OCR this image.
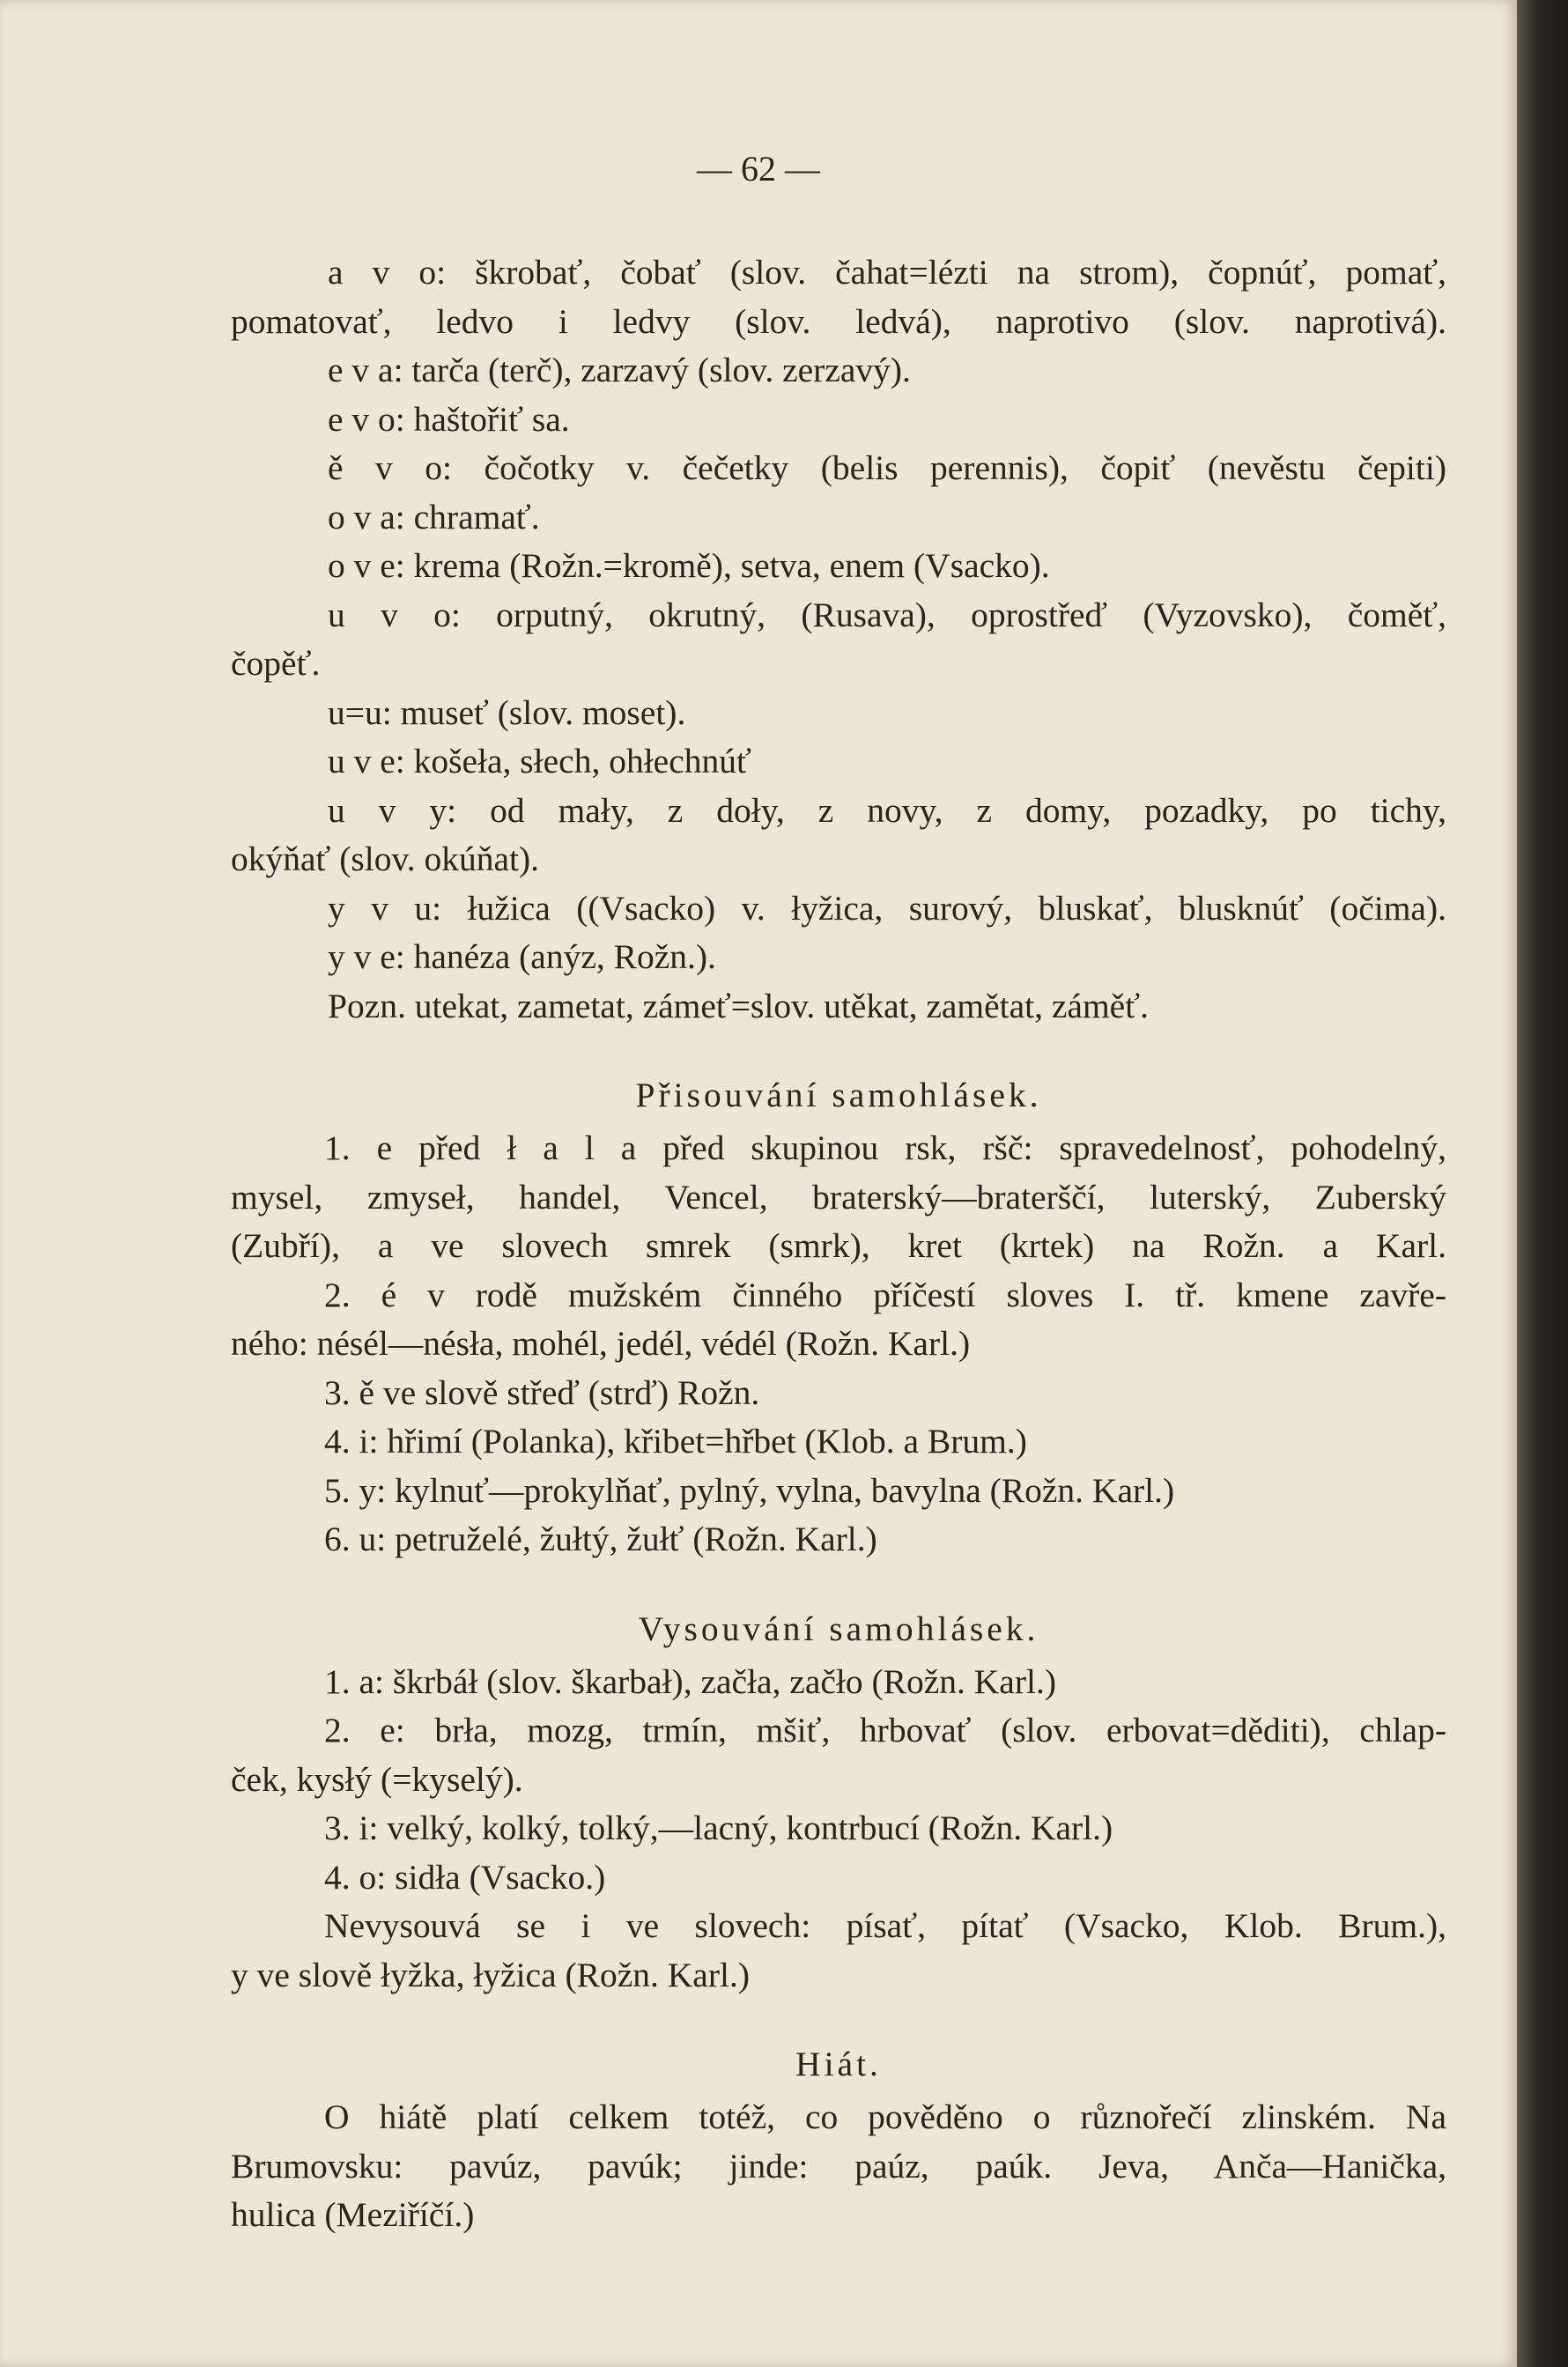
— 62 —
a v o: škrobať, čobať (slov. čahat=lézti na strom), čopnúť, pomať,
pomatovať, ledvo i ledvy (slov. ledvá), naprotivo (slov. naprotivá).
e v a: tarča (terč), zarzavý (slov. zerzavý).
e v o: haštořiť sa.
ě v o: čočotky v. čečetky (belis perennis), čopiť (nevěstu čepiti)
o v a: chramať.
o v e: krema (Rožn.=kromě), setva, enem (Vsacko).
u v o: orputný, okrutný, (Rusava), oprostřeď (Vyzovsko), čoměť,
čopěť.
u=u: museť (slov. moset).
u v e: košeła, słech, ohłechnúť
u v y: od mały, z doły, z novy, z domy, pozadky, po tichy,
okýňať (slov. okúňat).
y v u: łužica ((Vsacko) v. łyžica, surový, bluskať, blusknúť (očima).
y v e: hanéza (anýz, Rožn.).
Pozn. utekat, zametat, zámeť=slov. utěkat, zamětat, záměť.
Přisouvání samohlásek.
1. e před ł a l a před skupinou rsk, ršč: spravedelnosť, pohodelný,
mysel, zmyseł, handel, Vencel, braterský—braterščí, luterský, Zuberský
(Zubří), a ve slovech smrek (smrk), kret (krtek) na Rožn. a Karl.
2. é v rodě mužském činného příčestí sloves I. tř. kmene zavře-
ného: nésél—nésła, mohél, jedél, védél (Rožn. Karl.)
3. ě ve slově střeď (strď) Rožn.
4. i: hřimí (Polanka), křibet=hřbet (Klob. a Brum.)
5. y: kylnuť—prokylňať, pylný, vylna, bavylna (Rožn. Karl.)
6. u: petruželé, žułtý, žułť (Rožn. Karl.)
Vysouvání samohlásek.
1. a: škrbáł (slov. škarbał), začła, začło (Rožn. Karl.)
2. e: brła, mozg, trmín, mšiť, hrbovať (slov. erbovat=děditi), chlap-
ček, kysłý (=kyselý).
3. i: velký, kolký, tolký,—lacný, kontrbucí (Rožn. Karl.)
4. o: sidła (Vsacko.)
Nevysouvá se i ve slovech: písať, pítať (Vsacko, Klob. Brum.),
y ve slově łyžka, łyžica (Rožn. Karl.)
Hiát.
O hiátě platí celkem totéž, co pověděno o různořečí zlinském. Na
Brumovsku: pavúz, pavúk; jinde: paúz, paúk. Jeva, Anča—Hanička,
hulica (Meziříčí.)
